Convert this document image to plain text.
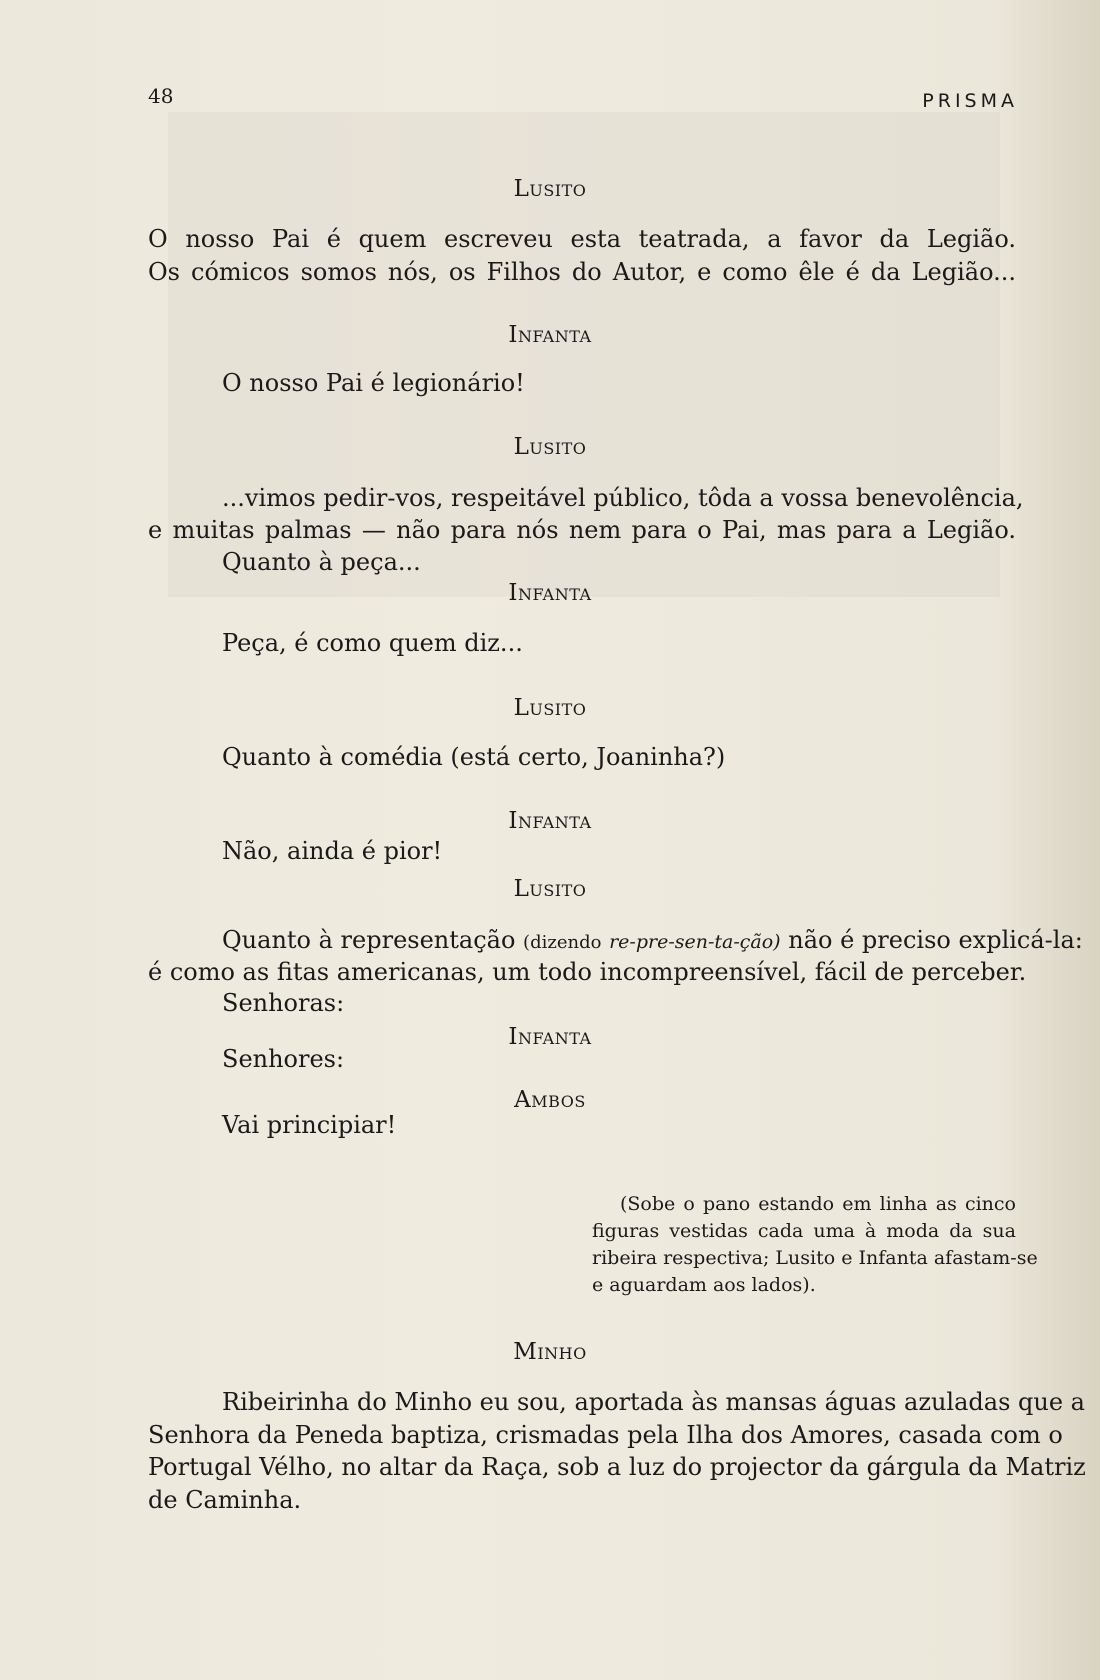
48	PRISMA
Lusito
O nosso Pai é quem escreveu esta teatrada, a favor da Legião.
Os cómicos somos nós, os Filhos do Autor, e como êle é da Legião...
Infanta
O nosso Pai é legionário!
Lusito
...vimos pedir-vos, respeitável público, tôda a vossa benevolência,
e muitas palmas — não para nós nem para o Pai, mas para a Legião.
Quanto à peça...
Infanta
Peça, é como quem diz...
Lusito
Quanto à comédia (está certo, Joaninha?)
Infanta
Não, ainda é pior!
Lusito
Quanto à representação (dizendo re-pre-sen-ta-ção) não é preciso explicá-la:
é como as fitas americanas, um todo incompreensível, fácil de perceber.
Senhoras:
Infanta
Senhores:
Ambos
Vai principiar!
(Sobe o pano estando em linha as cinco
figuras vestidas cada uma à moda da sua
ribeira respectiva; Lusito e Infanta afastam-se
e aguardam aos lados).
Minho
Ribeirinha do Minho eu sou, aportada às mansas águas azuladas que a
Senhora da Peneda baptiza, crismadas pela Ilha dos Amores, casada com o
Portugal Vélho, no altar da Raça, sob a luz do projector da gárgula da Matriz
de Caminha.
